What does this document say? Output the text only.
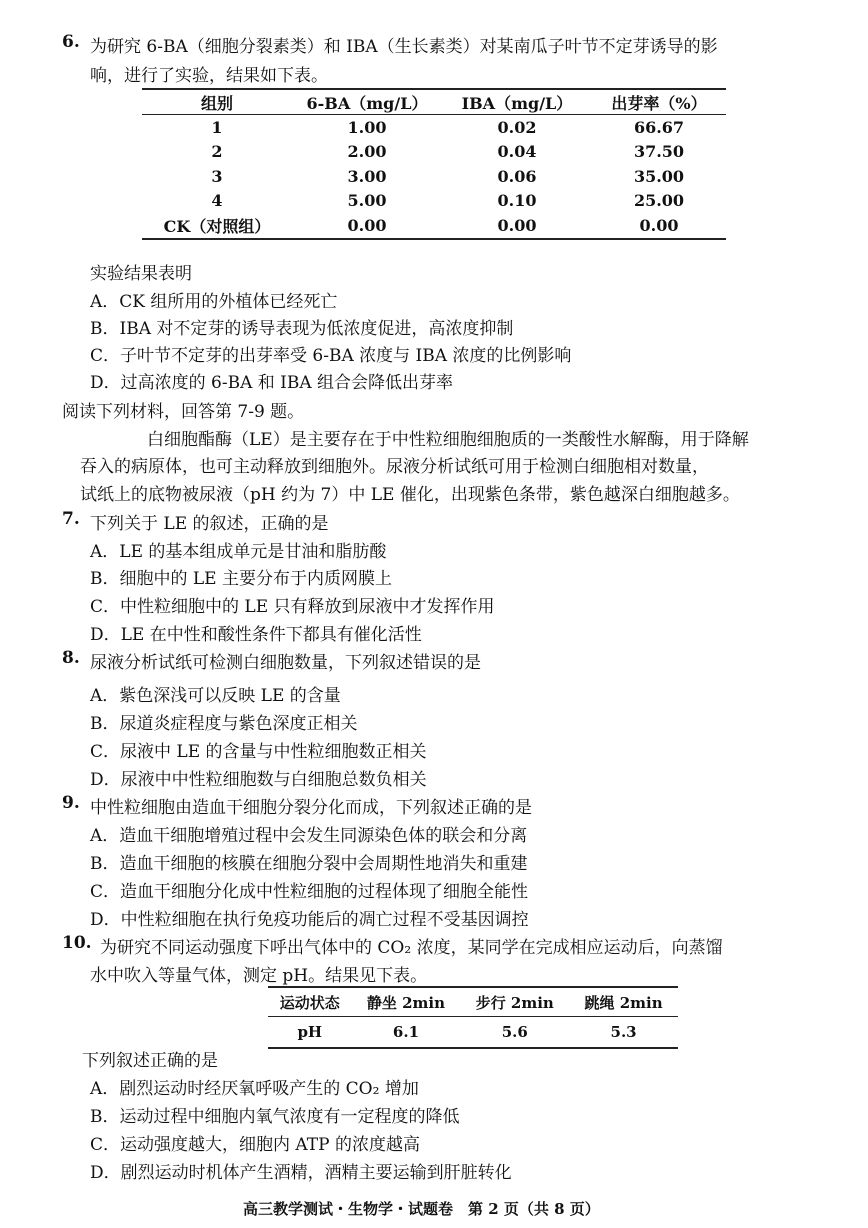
6. 为研究 6-BA（细胞分裂素类）和 IBA（生长素类）对某南瓜子叶节不定芽诱导的影
响，进行了实验，结果如下表。
组别	6-BA（mg/L）	IBA（mg/L）	出芽率（%）
1	1.00	0.02	66.67
2	2.00	0.04	37.50
3	3.00	0.06	35.00
4	5.00	0.10	25.00
CK（对照组）	0.00	0.00	0.00
实验结果表明
A．CK 组所用的外植体已经死亡
B．IBA 对不定芽的诱导表现为低浓度促进，高浓度抑制
C．子叶节不定芽的出芽率受 6-BA 浓度与 IBA 浓度的比例影响
D．过高浓度的 6-BA 和 IBA 组合会降低出芽率
阅读下列材料，回答第 7-9 题。
白细胞酯酶（LE）是主要存在于中性粒细胞细胞质的一类酸性水解酶，用于降解
吞入的病原体，也可主动释放到细胞外。尿液分析试纸可用于检测白细胞相对数量，
试纸上的底物被尿液（pH 约为 7）中 LE 催化，出现紫色条带，紫色越深白细胞越多。
7. 下列关于 LE 的叙述，正确的是
A．LE 的基本组成单元是甘油和脂肪酸
B．细胞中的 LE 主要分布于内质网膜上
C．中性粒细胞中的 LE 只有释放到尿液中才发挥作用
D．LE 在中性和酸性条件下都具有催化活性
8. 尿液分析试纸可检测白细胞数量，下列叙述错误的是
A．紫色深浅可以反映 LE 的含量
B．尿道炎症程度与紫色深度正相关
C．尿液中 LE 的含量与中性粒细胞数正相关
D．尿液中中性粒细胞数与白细胞总数负相关
9. 中性粒细胞由造血干细胞分裂分化而成，下列叙述正确的是
A．造血干细胞增殖过程中会发生同源染色体的联会和分离
B．造血干细胞的核膜在细胞分裂中会周期性地消失和重建
C．造血干细胞分化成中性粒细胞的过程体现了细胞全能性
D．中性粒细胞在执行免疫功能后的凋亡过程不受基因调控
10. 为研究不同运动强度下呼出气体中的 CO₂ 浓度，某同学在完成相应运动后，向蒸馏
水中吹入等量气体，测定 pH。结果见下表。
运动状态	静坐 2min	步行 2min	跳绳 2min
pH	6.1	5.6	5.3
下列叙述正确的是
A．剧烈运动时经厌氧呼吸产生的 CO₂ 增加
B．运动过程中细胞内氧气浓度有一定程度的降低
C．运动强度越大，细胞内 ATP 的浓度越高
D．剧烈运动时机体产生酒精，酒精主要运输到肝脏转化
高三教学测试・生物学・试题卷　第 2 页（共 8 页）
